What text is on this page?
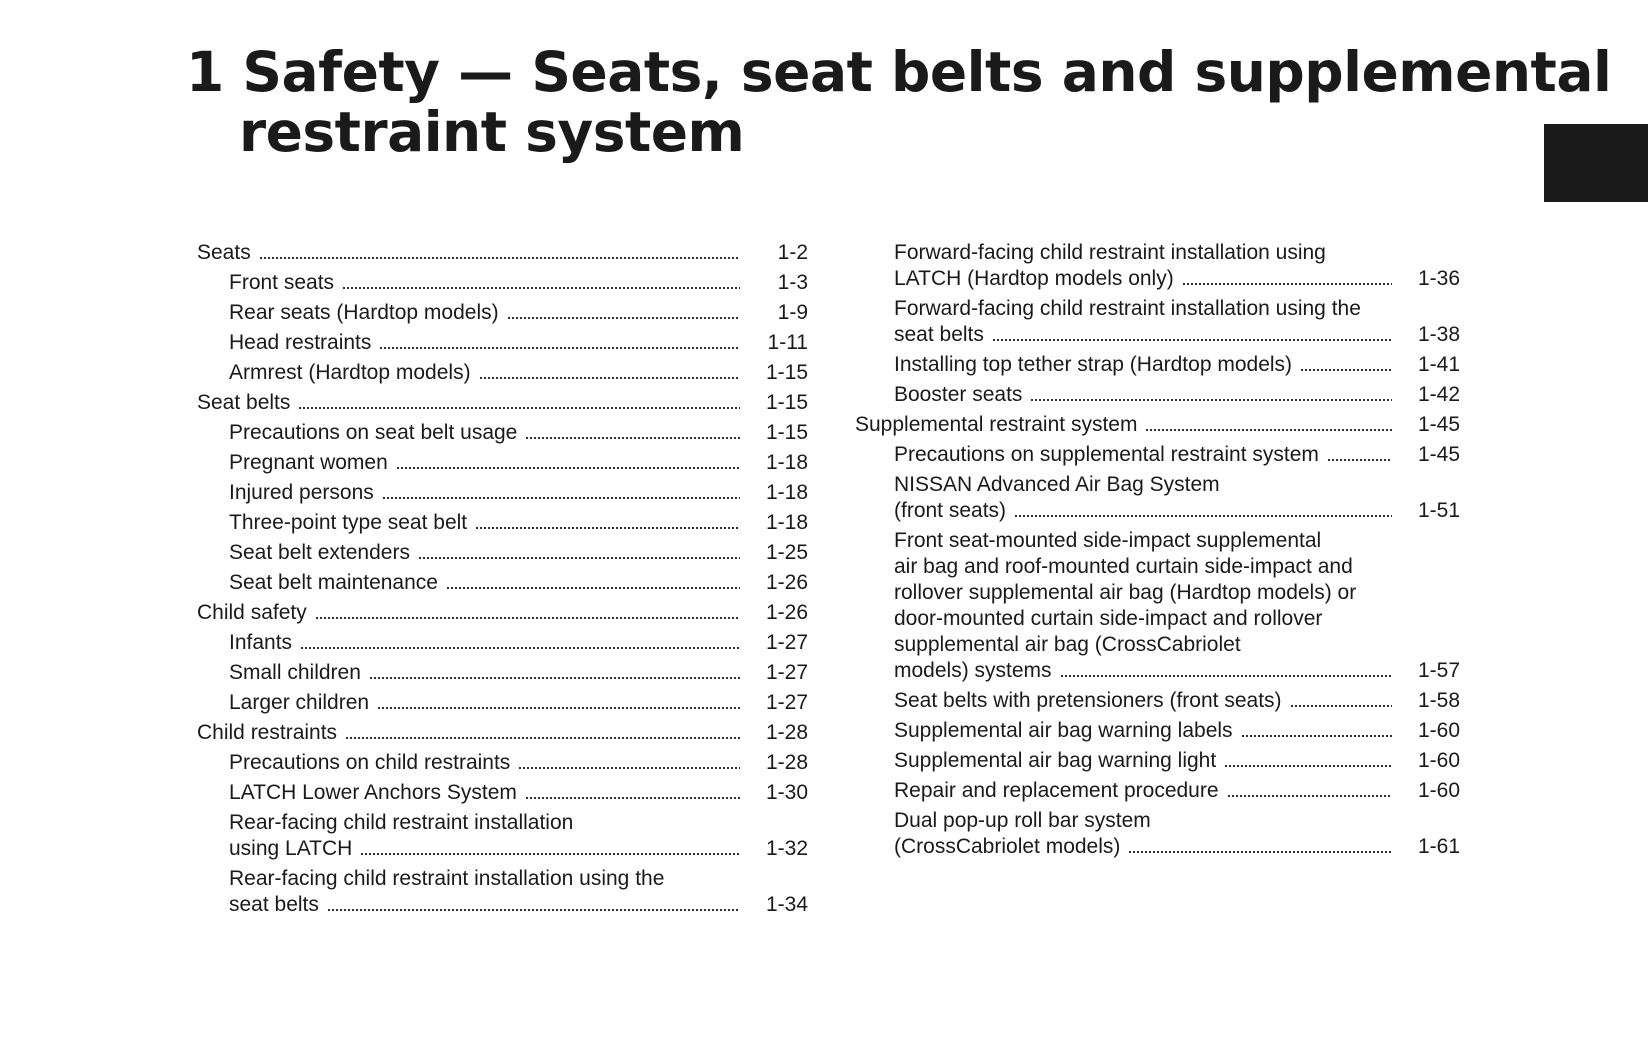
1 Safety — Seats, seat belts and supplemental
restraint system
Seats	1-2
Front seats	1-3
Rear seats (Hardtop models)	1-9
Head restraints	1-11
Armrest (Hardtop models)	1-15
Seat belts	1-15
Precautions on seat belt usage	1-15
Pregnant women	1-18
Injured persons	1-18
Three-point type seat belt	1-18
Seat belt extenders	1-25
Seat belt maintenance	1-26
Child safety	1-26
Infants	1-27
Small children	1-27
Larger children	1-27
Child restraints	1-28
Precautions on child restraints	1-28
LATCH Lower Anchors System	1-30
Rear-facing child restraint installation
using LATCH	1-32
Rear-facing child restraint installation using the
seat belts	1-34
Forward-facing child restraint installation using
LATCH (Hardtop models only)	1-36
Forward-facing child restraint installation using the
seat belts	1-38
Installing top tether strap (Hardtop models)	1-41
Booster seats	1-42
Supplemental restraint system	1-45
Precautions on supplemental restraint system	1-45
NISSAN Advanced Air Bag System
(front seats)	1-51
Front seat-mounted side-impact supplemental
air bag and roof-mounted curtain side-impact and
rollover supplemental air bag (Hardtop models) or
door-mounted curtain side-impact and rollover
supplemental air bag (CrossCabriolet
models) systems	1-57
Seat belts with pretensioners (front seats)	1-58
Supplemental air bag warning labels	1-60
Supplemental air bag warning light	1-60
Repair and replacement procedure	1-60
Dual pop-up roll bar system
(CrossCabriolet models)	1-61
